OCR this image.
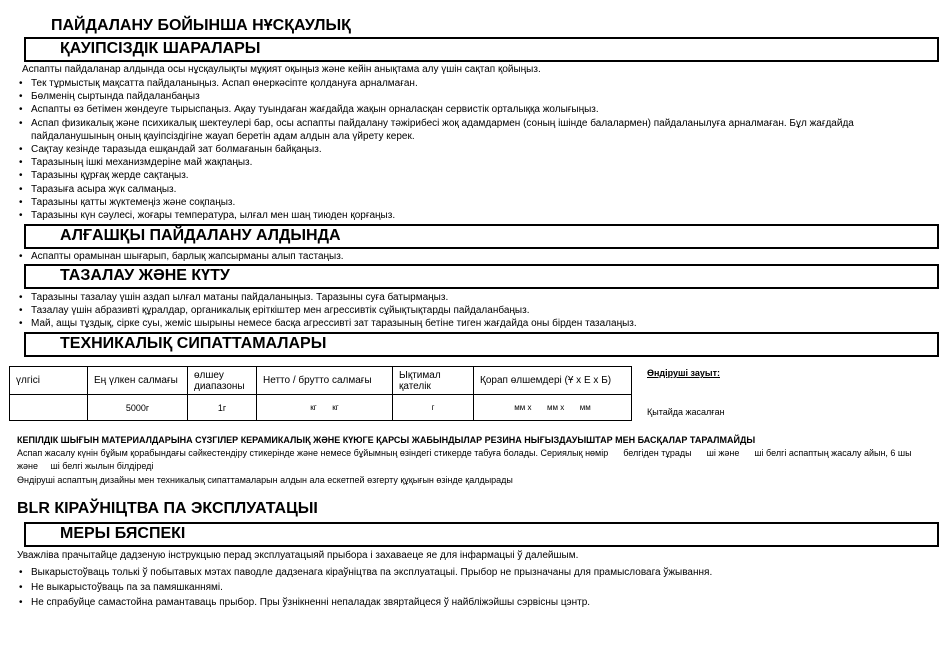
ПАЙДАЛАНУ БОЙЫНША НҰСҚАУЛЫҚ
ҚАУІПСІЗДІК ШАРАЛАРЫ
Аспапты пайдаланар алдында осы нұсқаулықты мұқият оқыңыз және кейін анықтама алу үшін сақтап қойыңыз.
• Тек тұрмыстық мақсатта пайдаланыңыз. Аспап өнеркәсіпте қолдануға арналмаған.
• Бөлменің сыртында пайдаланбаңыз
• Аспапты өз бетімен жөндеуге тырыспаңыз. Ақау туындаған жағдайда жақын орналасқан сервистік орталыққа жолығыңыз.
• Аспап физикалық және психикалық шектеулері бар, осы аспапты пайдалану тәжірибесі жоқ адамдармен (соның ішінде балалармен) пайдаланылуға арналмаған. Бұл жағдайда пайдаланушының оның қауіпсіздігіне жауап беретін адам алдын ала үйрету керек.
• Сақтау кезінде таразыда ешқандай зат болмағанын байқаңыз.
• Таразының ішкі механизмдеріне май жақпаңыз.
• Таразыны құрғақ жерде сақтаңыз.
• Таразыға асыра жүк салмаңыз.
• Таразыны қатты жүктемеңіз және соқпаңыз.
• Таразыны күн сәулесі, жоғары температура, ылғал мен шаң тиюден қорғаңыз.
АЛҒАШҚЫ ПАЙДАЛАНУ АЛДЫНДА
• Аспапты орамынан шығарып, барлық жапсырманы алып тастаңыз.
ТАЗАЛАУ ЖӘНЕ КҮТУ
• Таразыны тазалау үшін аздап ылғал матаны пайдаланыңыз. Таразыны суға батырмаңыз.
• Тазалау үшін абразивті құралдар, органикалық еріткіштер мен агрессивтік сұйықтықтарды пайдаланбаңыз.
• Май, ащы тұздық, сірке суы, жеміс шырыны немесе басқа агрессивті зат таразының бетіне тиген жағдайда оны бірден тазалаңыз.
ТЕХНИКАЛЫҚ СИПАТТАМАЛАРЫ
үлгісі	Ең үлкен салмағы	өлшеу диапазоны	Нетто / брутто салмағы	Ықтимал қателік	Қорап өлшемдері (Ұ х Е х Б)
	5000г	1г	кг       кг	г	мм х       мм х       мм
Өндіруші зауыт:
Қытайда жасалған
КЕПІЛДІК ШЫҒЫН МАТЕРИАЛДАРЫНА СҮЗГІЛЕР КЕРАМИКАЛЫҚ ЖӘНЕ КҮЮГЕ ҚАРСЫ ЖАБЫНДЫЛАР РЕЗИНА НЫҒЫЗДАУЫШТАР МЕН БАСҚАЛАР ТАРАЛМАЙДЫ
Аспап жасалу күнін бұйым қорабындағы сәйкестендіру стикеріндe және немесе бұйымның өзіндегі стикерде табуға болады. Сериялық нөмір      белгіден тұрады      ші және      ші белгі аспаптың жасалу айын, 6 шы және     ші белгі жылын білдіреді
Өндіруші аспаптың дизайны мен техникалық сипаттамаларын алдын ала ескетпей өзгерту құқығын өзінде қалдырады
BLR КІРАЎНІЦТВА ПА ЭКСПЛУАТАЦЫІ
МЕРЫ БЯСПЕКІ
Уважліва прачытайце дадзеную інструкцыю перад эксплуатацыяй прыбора і захаваеце яе для інфармацыі ў далейшым.
• Выкарыстоўваць толькі ў побытавых мэтах паводле дадзенага кіраўніцтва па эксплуатацыі. Прыбор не прызначаны для прамысловага ўжывання.
• Не выкарыстоўваць па за памяшканнямі.
• Не спрабуйце самастойна рамантаваць прыбор. Пры ўзнікненні непаладак звяртайцеся ў найбліжэйшы сэрвісны цэнтр.
